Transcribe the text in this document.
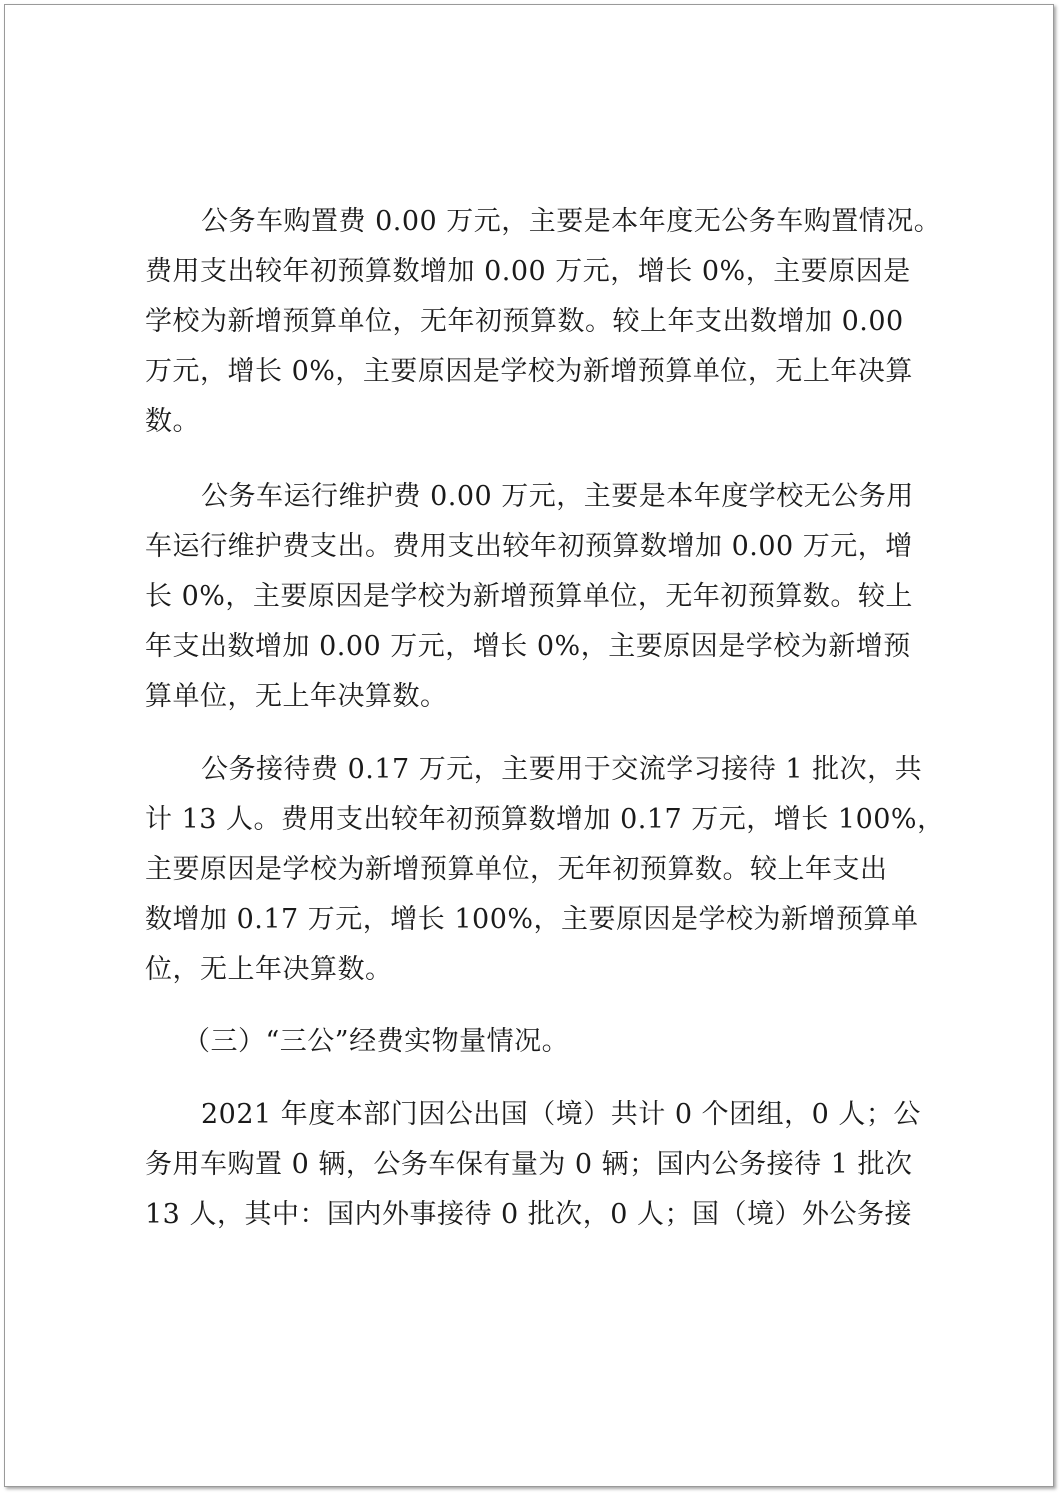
公务车购置费 0.00 万元，主要是本年度无公务车购置情况。

费用支出较年初预算数增加 0.00 万元，增长 0%，主要原因是

学校为新增预算单位，无年初预算数。较上年支出数增加 0.00

万元，增长 0%，主要原因是学校为新增预算单位，无上年决算

数。

公务车运行维护费 0.00 万元，主要是本年度学校无公务用

车运行维护费支出。费用支出较年初预算数增加 0.00 万元，增

长 0%，主要原因是学校为新增预算单位，无年初预算数。较上

年支出数增加 0.00 万元，增长 0%，主要原因是学校为新增预

算单位，无上年决算数。

公务接待费 0.17 万元，主要用于交流学习接待 1 批次，共

计 13 人。费用支出较年初预算数增加 0.17 万元，增长 100%，

主要原因是学校为新增预算单位，无年初预算数。较上年支出

数增加 0.17 万元，增长 100%，主要原因是学校为新增预算单

位，无上年决算数。

（三）“三公”经费实物量情况。

2021 年度本部门因公出国（境）共计 0 个团组，0 人；公

务用车购置 0 辆，公务车保有量为 0 辆；国内公务接待 1 批次

13 人，其中：国内外事接待 0 批次，0 人；国（境）外公务接
